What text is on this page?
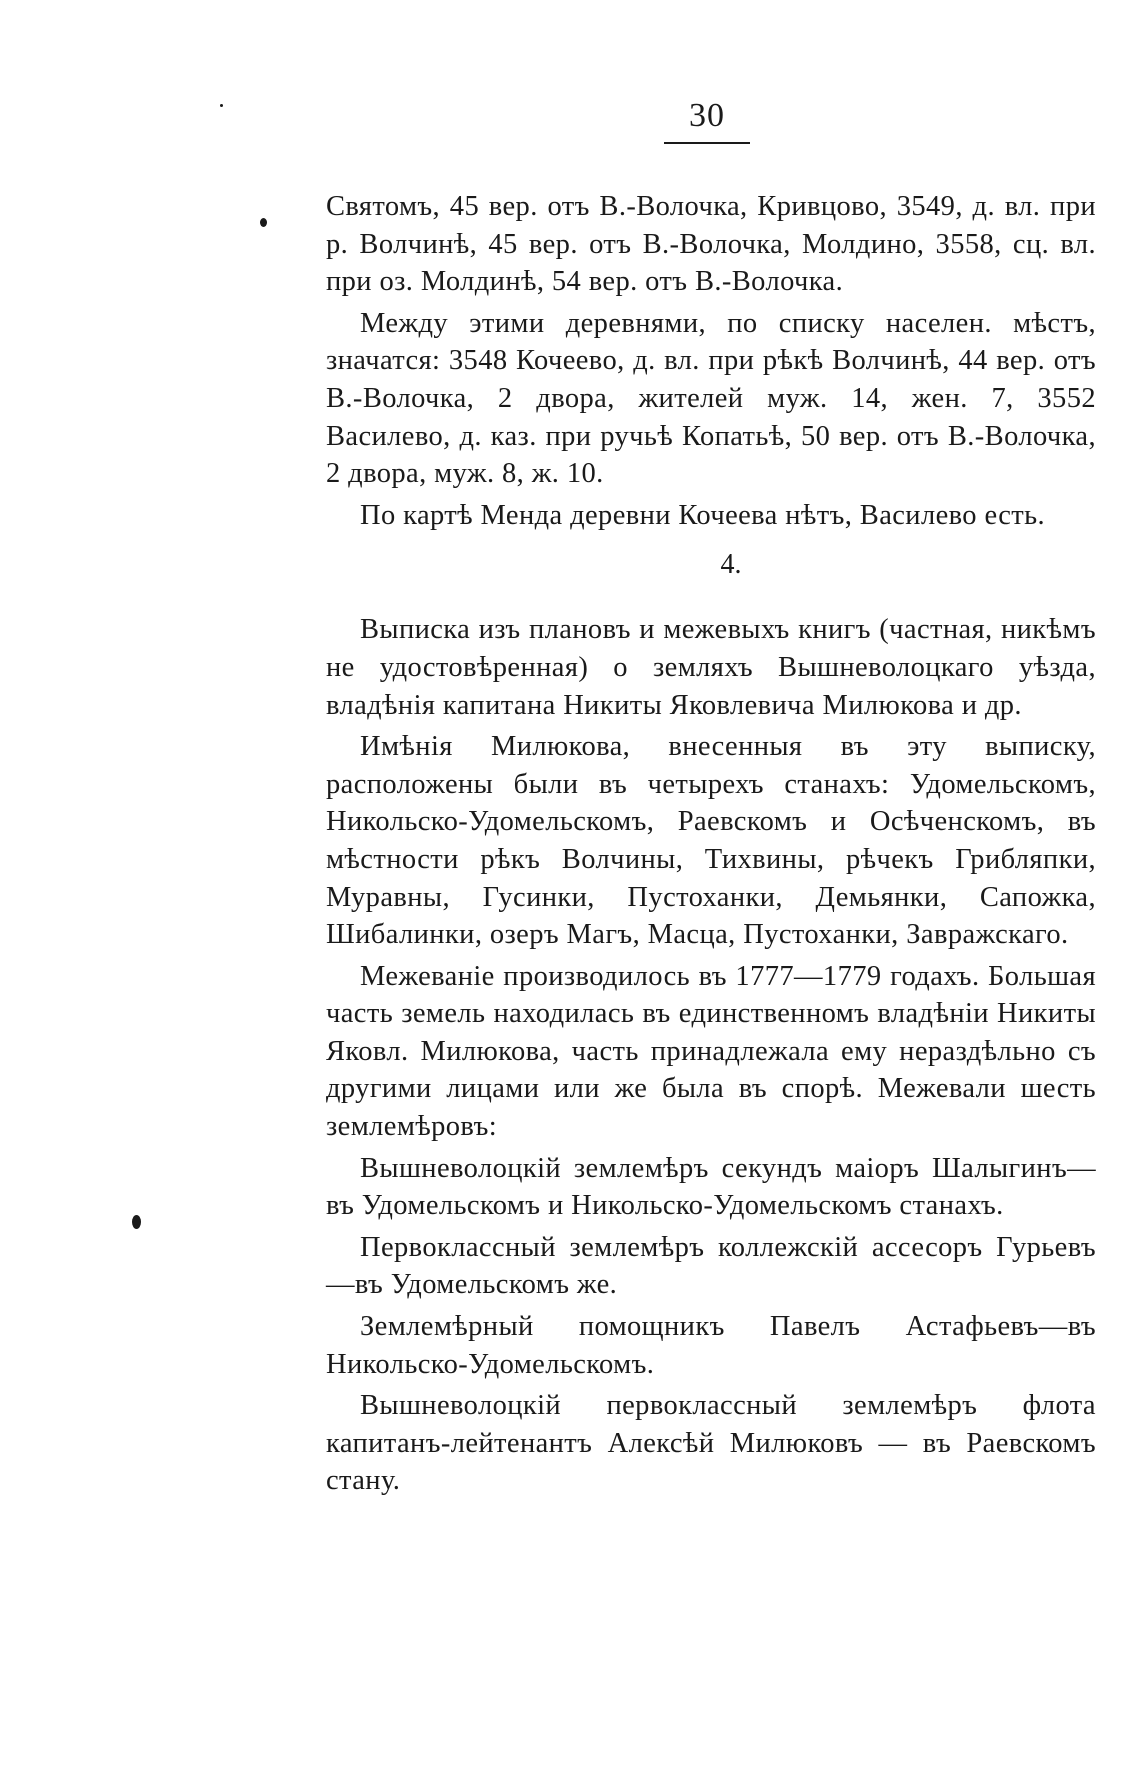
30

Святомъ, 45 вер. отъ В.-Волочка, Кривцово, 3549, д. вл. при р. Волчинѣ, 45 вер. отъ В.-Волочка, Молдино, 3558, сц. вл. при оз. Молдинѣ, 54 вер. отъ В.-Волочка.

Между этими деревнями, по списку населен. мѣстъ, значатся: 3548 Кочеево, д. вл. при рѣкѣ Волчинѣ, 44 вер. отъ В.-Волочка, 2 двора, жителей муж. 14, жен. 7, 3552 Василево, д. каз. при ручьѣ Копатьѣ, 50 вер. отъ В.-Волочка, 2 двора, муж. 8, ж. 10.

По картѣ Менда деревни Кочеева нѣтъ, Василево есть.

4.

Выписка изъ плановъ и межевыхъ книгъ (частная, никѣмъ не удостовѣренная) о земляхъ Вышневолоцкаго уѣзда, владѣнія капитана Никиты Яковлевича Милюкова и др.

Имѣнія Милюкова, внесенныя въ эту выписку, расположены были въ четырехъ станахъ: Удомельскомъ, Никольско-Удомельскомъ, Раевскомъ и Осѣченскомъ, въ мѣстности рѣкъ Волчины, Тихвины, рѣчекъ Грибляпки, Муравны, Гусинки, Пустоханки, Демьянки, Сапожка, Шибалинки, озеръ Магъ, Масца, Пустоханки, Завражскаго.

Межеваніе производилось въ 1777—1779 годахъ. Большая часть земель находилась въ единственномъ владѣніи Никиты Яковл. Милюкова, часть принадлежала ему нераздѣльно съ другими лицами или же была въ спорѣ. Межевали шесть землемѣровъ:

Вышневолоцкій землемѣръ секундъ маіоръ Шалыгинъ—въ Удомельскомъ и Никольско-Удомельскомъ станахъ.

Первоклассный землемѣръ коллежскій ассесоръ Гурьевъ—въ Удомельскомъ же.

Землемѣрный помощникъ Павелъ Астафьевъ—въ Никольско-Удомельскомъ.

Вышневолоцкій первоклассный землемѣръ флота капитанъ-лейтенантъ Алексѣй Милюковъ — въ Раевскомъ стану.
